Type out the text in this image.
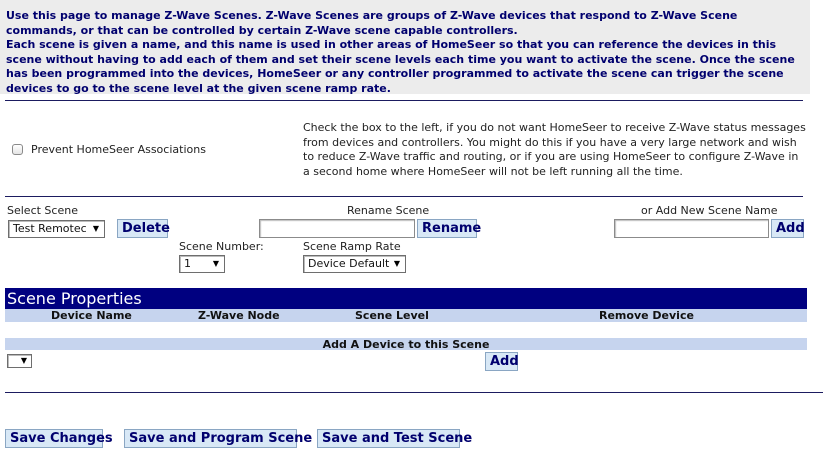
Use this page to manage Z-Wave Scenes. Z-Wave Scenes are groups of Z-Wave devices that respond to Z-Wave Scene commands, or that can be controlled by certain Z-Wave scene capable controllers.
Each scene is given a name, and this name is used in other areas of HomeSeer so that you can reference the devices in this scene without having to add each of them and set their scene levels each time you want to activate the scene. Once the scene has been programmed into the devices, HomeSeer or any controller programmed to activate the scene can trigger the scene devices to go to the scene level at the given scene ramp rate.
Prevent HomeSeer Associations
Check the box to the left, if you do not want HomeSeer to receive Z-Wave status messages from devices and controllers. You might do this if you have a very large network and wish to reduce Z-Wave traffic and routing, or if you are using HomeSeer to configure Z-Wave in a second home where HomeSeer will not be left running all the time.
Select Scene
Test Remotec ▼	Delete
Rename Scene
Rename
or Add New Scene Name
Add
Scene Number:
1	▼
Scene Ramp Rate
Device Default ▼
Scene Properties
Device Name	Z-Wave Node	Scene Level	Remove Device
Add A Device to this Scene
▼	Add
Save Changes	Save and Program Scene Save and Test Scene
